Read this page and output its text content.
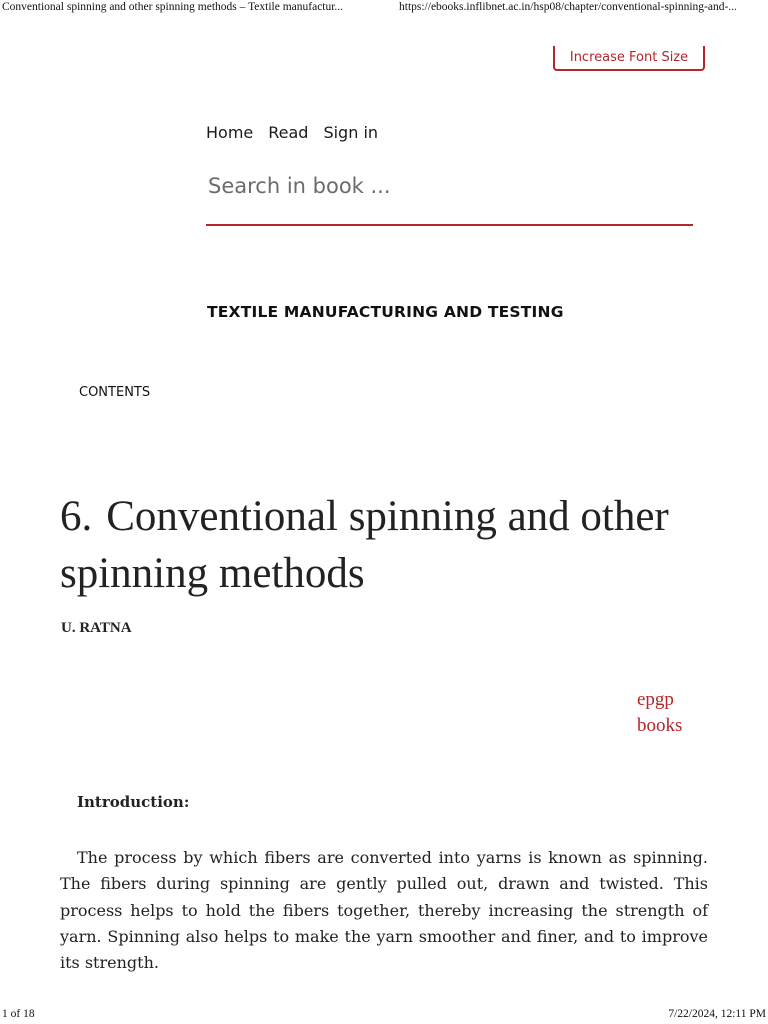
Conventional spinning and other spinning methods – Textile manufactur...	https://ebooks.inflibnet.ac.in/hsp08/chapter/conventional-spinning-and-...
Increase Font Size
Home Read Sign in
Search in book ...
TEXTILE MANUFACTURING AND TESTING
CONTENTS
6. Conventional spinning and other spinning methods
U. RATNA
epgp
books
Introduction:

The process by which fibers are converted into yarns is known as spinning. The fibers during spinning are gently pulled out, drawn and twisted. This process helps to hold the fibers together, thereby increasing the strength of yarn. Spinning also helps to make the yarn smoother and finer, and to improve its strength.

1 of 18	7/22/2024, 12:11 PM
